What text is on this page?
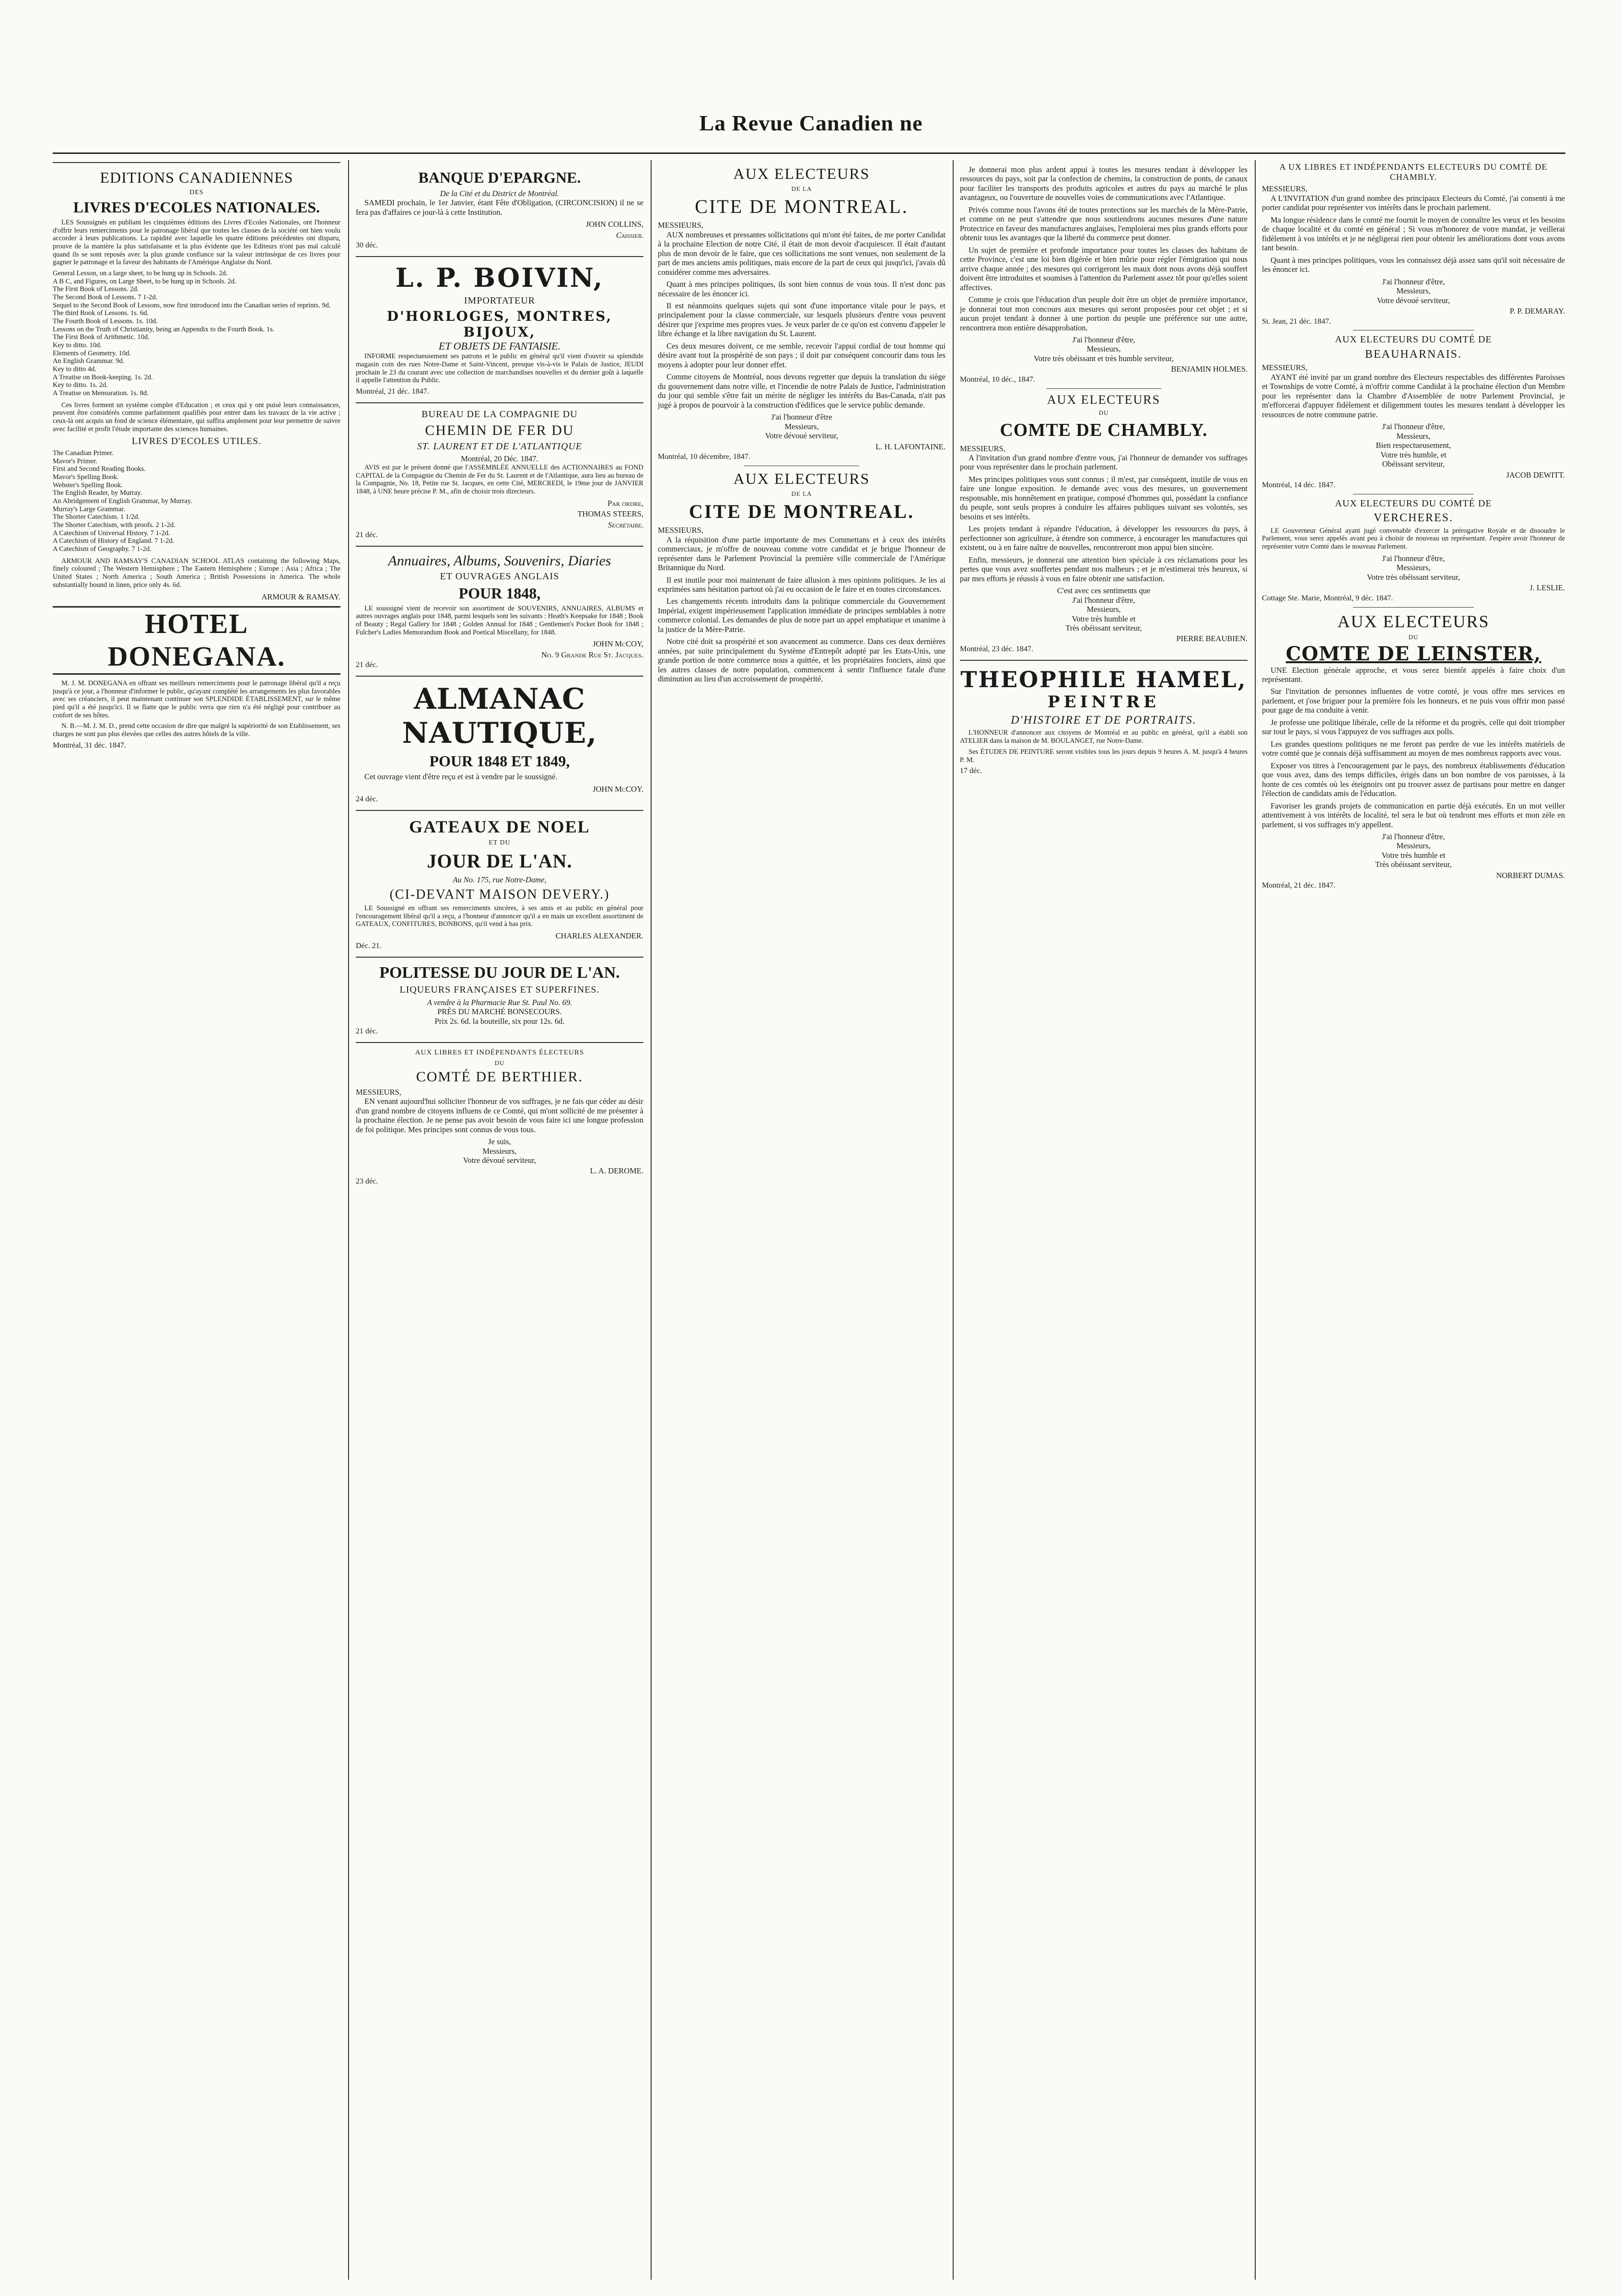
La Revue Canadien ne
EDITIONS CANADIENNES
DES
LIVRES D'ECOLES NATIONALES.

LES Soussignés en publiant les cinquièmes éditions des Livres d'Ecoles Nationales, ont l'honneur d'offrir leurs remerciments pour le patronage libéral que toutes les classes de la société ont bien voulu accorder à leurs publications. La rapidité avec laquelle les quatre éditions précédentes ont disparu, prouve de la manière la plus satisfaisante et la plus évidente que les Editeurs n'ont pas mal calculé quand ils se sont reposés avec la plus grande confiance sur la valeur intrinsèque de ces livres pour gagner le patronage et la faveur des habitants de l'Amérique Anglaise du Nord.

General Lesson, on a large sheet, to be hung up in Schools. 2d.
A B C, and Figures, on Large Sheet, to be hung up in Schools. 2d.
The First Book of Lessons. 2d.
The Second Book of Lessons. 7 1-2d.
Sequel to the Second Book of Lessons, now first introduced into the Canadian series of reprints. 9d.
The third Book of Lessons. 1s. 6d.
The Fourth Book of Lessons. 1s. 10d.
Lessons on the Truth of Christianity, being an Appendix to the Fourth Book. 1s.
The First Book of Arithmetic. 10d.
Key to ditto. 10d.
Elements of Geometry. 10d.
An English Grammar. 9d.
Key to ditto 4d.
A Treatise on Book-keeping. 1s. 2d.
Key to ditto. 1s. 2d.
A Treatise on Mensuration. 1s. 8d.

Ces livres forment un système complet d'Education ; et ceux qui y ont puisé leurs connaissances, peuvent être considérés comme parfaitement qualifiés pour entrer dans les travaux de la vie active ; ceux-là ont acquis un fond de science élémentaire, qui suffira amplement pour leur permettre de suivre avec facilité et profit l'étude importante des sciences humaines.

LIVRES D'ECOLES UTILES.
The Canadian Primer.
Mavor's Primer.
First and Second Reading Books.
Mavor's Spelling Book.
Webster's Spelling Book.
The English Reader, by Murray.
An Abridgement of English Grammar, by Murray.
Murray's Large Grammar.
The Shorter Catechism. 1 1/2d.
The Shorter Catechism, with proofs. 2 1-2d.
A Catechism of Universal History. 7 1-2d.
A Catechism of History of England. 7 1-2d.
A Catechism of Geography. 7 1-2d.

ARMOUR AND RAMSAY'S CANADIAN SCHOOL ATLAS containing the following Maps, finely coloured ; The Western Hemisphere ; The Eastern Hemisphere ; Europe ; Asia ; Africa ; The United States ; North America ; South America ; British Possessions in America. The whole substantially bound in linen, price only 4s. 6d.

ARMOUR & RAMSAY.
HOTEL DONEGANA.

M. J. M. DONEGANA en offrant ses meilleurs remerciments pour le patronage libéral qu'il a reçu jusqu'à ce jour, a l'honneur d'informer le public, qu'ayant complété les arrangements les plus favorables avec ses créanciers, il peut maintenant continuer son SPLENDIDE ÉTABLISSEMENT, sur le même pied qu'il a été jusqu'ici. Il se flatte que le public verra que rien n'a été négligé pour contribuer au confort de ses hôtes.

N. B.—M. J. M. D., prend cette occasion de dire que malgré la supériorité de son Etablissement, ses charges ne sont pas plus élevées que celles des autres hôtels de la ville.

Montréal, 31 déc. 1847.
BANQUE D'EPARGNE.
De la Cité et du District de Montréal.

SAMEDI prochain, le 1er Janvier, étant Fête d'Obligation, (CIRCONCISION) il ne se fera pas d'affaires ce jour-là à cette Institution.

JOHN COLLINS,
Caissier.
30 déc.
L. P. BOIVIN,
IMPORTATEUR
D'HORLOGES, MONTRES, BIJOUX,
ET OBJETS DE FANTAISIE.

INFORME respectueusement ses patrons et le public en général qu'il vient d'ouvrir sa splendide magasin coin des rues Notre-Dame et Saint-Vincent, presque vis-à-vis le Palais de Justice, JEUDI prochain le 23 du courant avec une collection de marchandises nouvelles et du dernier goût à laquelle il appelle l'attention du Public.

Montréal, 21 déc. 1847.
BUREAU DE LA COMPAGNIE DU
CHEMIN DE FER DU
ST. LAURENT ET DE L'ATLANTIQUE
Montréal, 20 Déc. 1847.

AVIS est par le présent donné que l'ASSEMBLÉE ANNUELLE des ACTIONNAIRES au FOND CAPITAL de la Compagnie du Chemin de Fer du St. Laurent et de l'Atlantique, aura lieu au bureau de la Compagnie, No. 18, Petite rue St. Jacques, en cette Cité, MERCREDI, le 19me jour de JANVIER 1848, à UNE heure précise P. M., afin de choisir trois directeurs.

Par ordre,
THOMAS STEERS,
Secrétaire.
21 déc.
Annuaires, Albums, Souvenirs, Diaries
ET OUVRAGES ANGLAIS
POUR 1848,

LE soussigné vient de recevoir son assortiment de SOUVENIRS, ANNUAIRES, ALBUMS et autres ouvrages anglais pour 1848, parmi lesquels sont les suivants : Heath's Keepsake for 1848 ; Book of Beauty ; Regal Gallery for 1848 ; Golden Annual for 1848 ; Gentlemen's Pocket Book for 1848 ; Fulcher's Ladies Memorandum Book and Poetical Miscellany, for 1848.

JOHN McCOY,
No. 9 Grande Rue St. Jacques.
21 déc.
ALMANAC NAUTIQUE,
POUR 1848 ET 1849,

Cet ouvrage vient d'être reçu et est à vendre par le soussigné.

JOHN McCOY.
24 déc.
GATEAUX DE NOEL
ET DU
JOUR DE L'AN.
Au No. 175, rue Notre-Dame,
(CI-DEVANT MAISON DEVERY.)

LE Soussigné en offrant ses remerciments sincères, à ses amis et au public en général pour l'encouragement libéral qu'il a reçu, a l'honneur d'annoncer qu'il a en main un excellent assortiment de GATEAUX, CONFITURES, BONBONS, qu'il vend à bas prix.

CHARLES ALEXANDER.
Déc. 21.
POLITESSE DU JOUR DE L'AN.
LIQUEURS FRANÇAISES ET SUPERFINES.
A vendre à la Pharmacie Rue St. Paul No. 69.
PRÈS DU MARCHÉ BONSECOURS.
Prix 2s. 6d. la bouteille, six pour 12s. 6d.
21 déc.
AUX LIBRES ET INDÉPENDANTS ÉLECTEURS
DU
COMTÉ DE BERTHIER.
MESSIEURS,

EN venant aujourd'hui solliciter l'honneur de vos suffrages, je ne fais que céder au désir d'un grand nombre de citoyens influens de ce Comté, qui m'ont sollicité de me présenter à la prochaine élection. Je ne pense pas avoir besoin de vous faire ici une longue profession de foi politique. Mes principes sont connus de vous tous.

Je suis,
Messieurs,
Votre dévoué serviteur,
L. A. DEROME.
23 déc.
AUX ELECTEURS
DE LA
CITE DE MONTREAL.
MESSIEURS,

AUX nombreuses et pressantes sollicitations qui m'ont été faites, de me porter Candidat à la prochaine Election de notre Cité, il était de mon devoir d'acquiescer. Il était d'autant plus de mon devoir de le faire, que ces sollicitations me sont venues, non seulement de la part de mes anciens amis politiques, mais encore de la part de ceux qui jusqu'ici, j'avais dû considérer comme mes adversaires.

Quant à mes principes politiques, ils sont bien connus de vous tous. Il n'est donc pas nécessaire de les énoncer ici.

Il est néanmoins quelques sujets qui sont d'une importance vitale pour le pays, et principalement pour la classe commerciale, sur lesquels plusieurs d'entre vous peuvent désirer que j'exprime mes propres vues. Je veux parler de ce qu'on est convenu d'appeler le libre échange et la libre navigation du St. Laurent.

Ces deux mesures doivent, ce me semble, recevoir l'appui cordial de tout homme qui désire avant tout la prospérité de son pays ; il doit par conséquent concourir dans tous les moyens à adopter pour leur donner effet.

Comme citoyens de Montréal, nous devons regretter que depuis la translation du siège du gouvernement dans notre ville, et l'incendie de notre Palais de Justice, l'administration du jour qui semble s'être fait un mérite de négliger les intérêts du Bas-Canada, n'ait pas jugé à propos de pourvoir à la construction d'édifices que le service public demande.

J'ai l'honneur d'être
Messieurs,
Votre dévoué serviteur,
L. H. LAFONTAINE.
Montréal, 10 décembre, 1847.
AUX ELECTEURS
DE LA
CITE DE MONTREAL.
MESSIEURS,

A la réquisition d'une partie importante de mes Commettans et à ceux des intérêts commerciaux, je m'offre de nouveau comme votre candidat et je brigue l'honneur de représenter dans le Parlement Provincial la première ville commerciale de l'Amérique Britannique du Nord.

Il est inutile pour moi maintenant de faire allusion à mes opinions politiques. Je les ai exprimées sans hésitation partout où j'ai eu occasion de le faire et en toutes circonstances.

Les changements récents introduits dans la politique commerciale du Gouvernement Impérial, exigent impérieusement l'application immédiate de principes semblables à notre commerce colonial. Les demandes de plus de notre part un appel emphatique et unanime à la justice de la Mère-Patrie.

Notre cité doit sa prospérité et son avancement au commerce. Dans ces deux dernières années, par suite principalement du Système d'Entrepôt adopté par les Etats-Unis, une grande portion de notre commerce nous a quittée, et les propriétaires fonciers, ainsi que les autres classes de notre population, commencent à sentir l'influence fatale d'une diminution au lieu d'un accroissement de prospérité.

Je donnerai mon plus ardent appui à toutes les mesures tendant à développer les ressources du pays, soit par la confection de chemins, la construction de ponts, de canaux pour faciliter les transports des produits agricoles et autres du pays au marché le plus avantageux, ou l'ouverture de nouvelles voies de communications avec l'Atlantique.

Privés comme nous l'avons été de toutes protections sur les marchés de la Mère-Patrie, et comme on ne peut s'attendre que nous soutiendrons aucunes mesures d'une nature Protectrice en faveur des manufactures anglaises, l'emploierai mes plus grands efforts pour obtenir tous les avantages que la liberté du commerce peut donner.

Un sujet de première et profonde importance pour toutes les classes des habitans de cette Province, c'est une loi bien digérée et bien mûrie pour régler l'émigration qui nous arrive chaque année ; des mesures qui corrigeront les maux dont nous avons déjà souffert doivent être introduites et soumises à l'attention du Parlement assez tôt pour qu'elles soient affectives.

Comme je crois que l'éducation d'un peuple doit être un objet de première importance, je donnerai tout mon concours aux mesures qui seront proposées pour cet objet ; et si aucun projet tendant à donner à une portion du peuple une préférence sur une autre, rencontrera mon entière désapprobation.

J'ai l'honneur d'être,
Messieurs,
Votre très obéissant et très humble serviteur,
BENJAMIN HOLMES.
Montréal, 10 déc., 1847.
AUX ELECTEURS
DU
COMTE DE CHAMBLY.
MESSIEURS,

A l'invitation d'un grand nombre d'entre vous, j'ai l'honneur de demander vos suffrages pour vous représenter dans le prochain parlement.

Mes principes politiques vous sont connus ; il m'est, par conséquent, inutile de vous en faire une longue exposition. Je demande avec vous des mesures, un gouvernement responsable, mis honnêtement en pratique, composé d'hommes qui, possédant la confiance du peuple, sont seuls propres à conduire les affaires publiques suivant ses volontés, ses besoins et ses intérêts.

Les projets tendant à répandre l'éducation, à développer les ressources du pays, à perfectionner son agriculture, à étendre son commerce, à encourager les manufactures qui existent, ou à en faire naître de nouvelles, rencontreront mon appui bien sincère.

Enfin, messieurs, je donnerai une attention bien spéciale à ces réclamations pour les pertes que vous avez souffertes pendant nos malheurs ; et je m'estimerai très heureux, si par mes efforts je réussis à vous en faire obtenir une satisfaction.

C'est avec ces sentiments que
J'ai l'honneur d'être,
Messieurs,
Votre très humble et
Très obéissant serviteur,
PIERRE BEAUBIEN.
Montréal, 23 déc. 1847.
THEOPHILE HAMEL,
PEINTRE
D'HISTOIRE ET DE PORTRAITS.

L'HONNEUR d'annoncer aux citoyens de Montréal et au public en général, qu'il a établi son ATELIER dans la maison de M. BOULANGET, rue Notre-Dame.

Ses ÉTUDES DE PEINTURE seront visibles tous les jours depuis 9 heures A. M. jusqu'à 4 heures P. M.

17 déc.
A UX LIBRES ET INDÉPENDANTS ELECTEURS DU COMTÉ DE CHAMBLY.
MESSIEURS,

A L'INVITATION d'un grand nombre des principaux Electeurs du Comté, j'ai consenti à me porter candidat pour représenter vos intérêts dans le prochain parlement.

Ma longue résidence dans le comté me fournit le moyen de connaître les vœux et les besoins de chaque localité et du comté en général ; Si vous m'honorez de votre mandat, je veillerai fidèlement à vos intérêts et je ne négligerai rien pour obtenir les améliorations dont vous avons tant besoin.

Quant à mes principes politiques, vous les connaissez déjà assez sans qu'il soit nécessaire de les énoncer ici.

J'ai l'honneur d'être,
Messieurs,
Votre dévoué serviteur,
P. P. DEMARAY.
St. Jean, 21 déc. 1847.
AUX ELECTEURS DU COMTÉ DE
BEAUHARNAIS.
MESSIEURS,

AYANT été invité par un grand nombre des Electeurs respectables des différentes Paroisses et Townships de votre Comté, à m'offrir comme Candidat à la prochaine élection d'un Membre pour les représenter dans la Chambre d'Assemblée de notre Parlement Provincial, je m'efforcerai d'appuyer fidèlement et diligemment toutes les mesures tendant à développer les ressources de notre commune patrie.

J'ai l'honneur d'être,
Messieurs,
Bien respectueusement,
Votre très humble, et
Obéissant serviteur,
JACOB DEWITT.
Montréal, 14 déc. 1847.
AUX ELECTEURS DU COMTÉ DE
VERCHERES.

LE Gouverneur Général ayant jugé convenable d'exercer la prérogative Royale et de dissoudre le Parlement, vous serez appelés avant peu à choisir de nouveau un représentant. J'espère avoir l'honneur de représenter votre Comté dans le nouveau Parlement.

J'ai l'honneur d'être,
Messieurs,
Votre très obéissant serviteur,
J. LESLIE.
Cottage Ste. Marie, Montréal, 9 déc. 1847.
AUX ELECTEURS
DU
COMTE DE LEINSTER,

UNE Election générale approche, et vous serez bientôt appelés à faire choix d'un représentant.

Sur l'invitation de personnes influentes de votre comté, je vous offre mes services en parlement, et j'ose briguer pour la première fois les honneurs, et ne puis vous offrir mon passé pour gage de ma conduite à venir.

Je professe une politique libérale, celle de la réforme et du progrès, celle qui doit triompher sur tout le pays, si vous l'appuyez de vos suffrages aux polls.

Les grandes questions politiques ne me feront pas perdre de vue les intérêts matériels de votre comté que je connais déjà suffisamment au moyen de mes nombreux rapports avec vous.

Exposer vos titres à l'encouragement par le pays, des nombreux établissements d'éducation que vous avez, dans des temps difficiles, érigés dans un bon nombre de vos paroisses, à la honte de ces comtés où les éteignoirs ont pu trouver assez de partisans pour mettre en danger l'élection de candidats amis de l'éducation.

Favoriser les grands projets de communication en partie déjà exécutés. En un mot veiller attentivement à vos intérêts de localité, tel sera le but où tendront mes efforts et mon zèle en parlement, si vos suffrages m'y appellent.

J'ai l'honneur d'être,
Messieurs,
Votre très humble et
Très obéissant serviteur,
NORBERT DUMAS.
Montréal, 21 déc. 1847.
